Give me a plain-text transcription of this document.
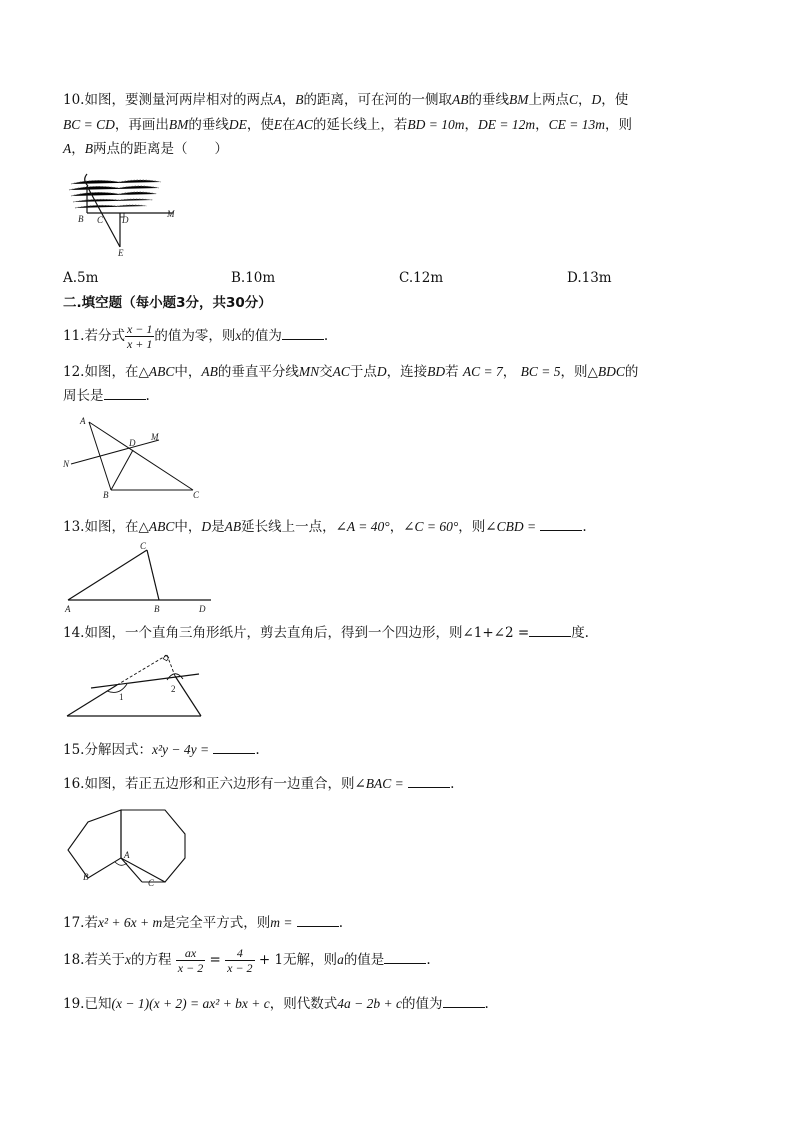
10.如图，要测量河两岸相对的两点A，B的距离，可在河的一侧取AB的垂线BM上两点C，D，使
BC = CD，再画出BM的垂线DE，使E在AC的延长线上，若BD = 10m，DE = 12m，CE = 13m，则
A，B两点的距离是（　　）
B C D
M
E
A.5m	B.10m	C.12m	D.13m
二.填空题（每小题3分，共30分）
11.若分式 $\frac{x - 1}{x + 1}$ 的值为零，则x的值为	.
12.如图，在△ABC中，AB的垂直平分线MN交AC于点D，连接BD若 AC = 7， BC = 5，则△BDC的
周长是	.
A
D
M
N
B	C
13.如图，在△ABC中，D是AB延长线上一点，∠A = 40°，∠C = 60°，则∠CBD =	.
C
A	B	D
14.如图，一个直角三角形纸片，剪去直角后，得到一个四边形，则∠1+∠2 =	度.
1
2
15.分解因式：x²y − 4y =	.
16.如图，若正五边形和正六边形有一边重合，则∠BAC =	.
A
B
C
17.若x² + 6x + m是完全平方式，则m =	.
18.若关于x的方程 $\frac{ax}{x - 2} = \frac{4}{x - 2} + 1$无解，则a的值是	.
19.已知(x − 1)(x + 2) = ax² + bx + c，则代数式4a − 2b + c的值为	.
